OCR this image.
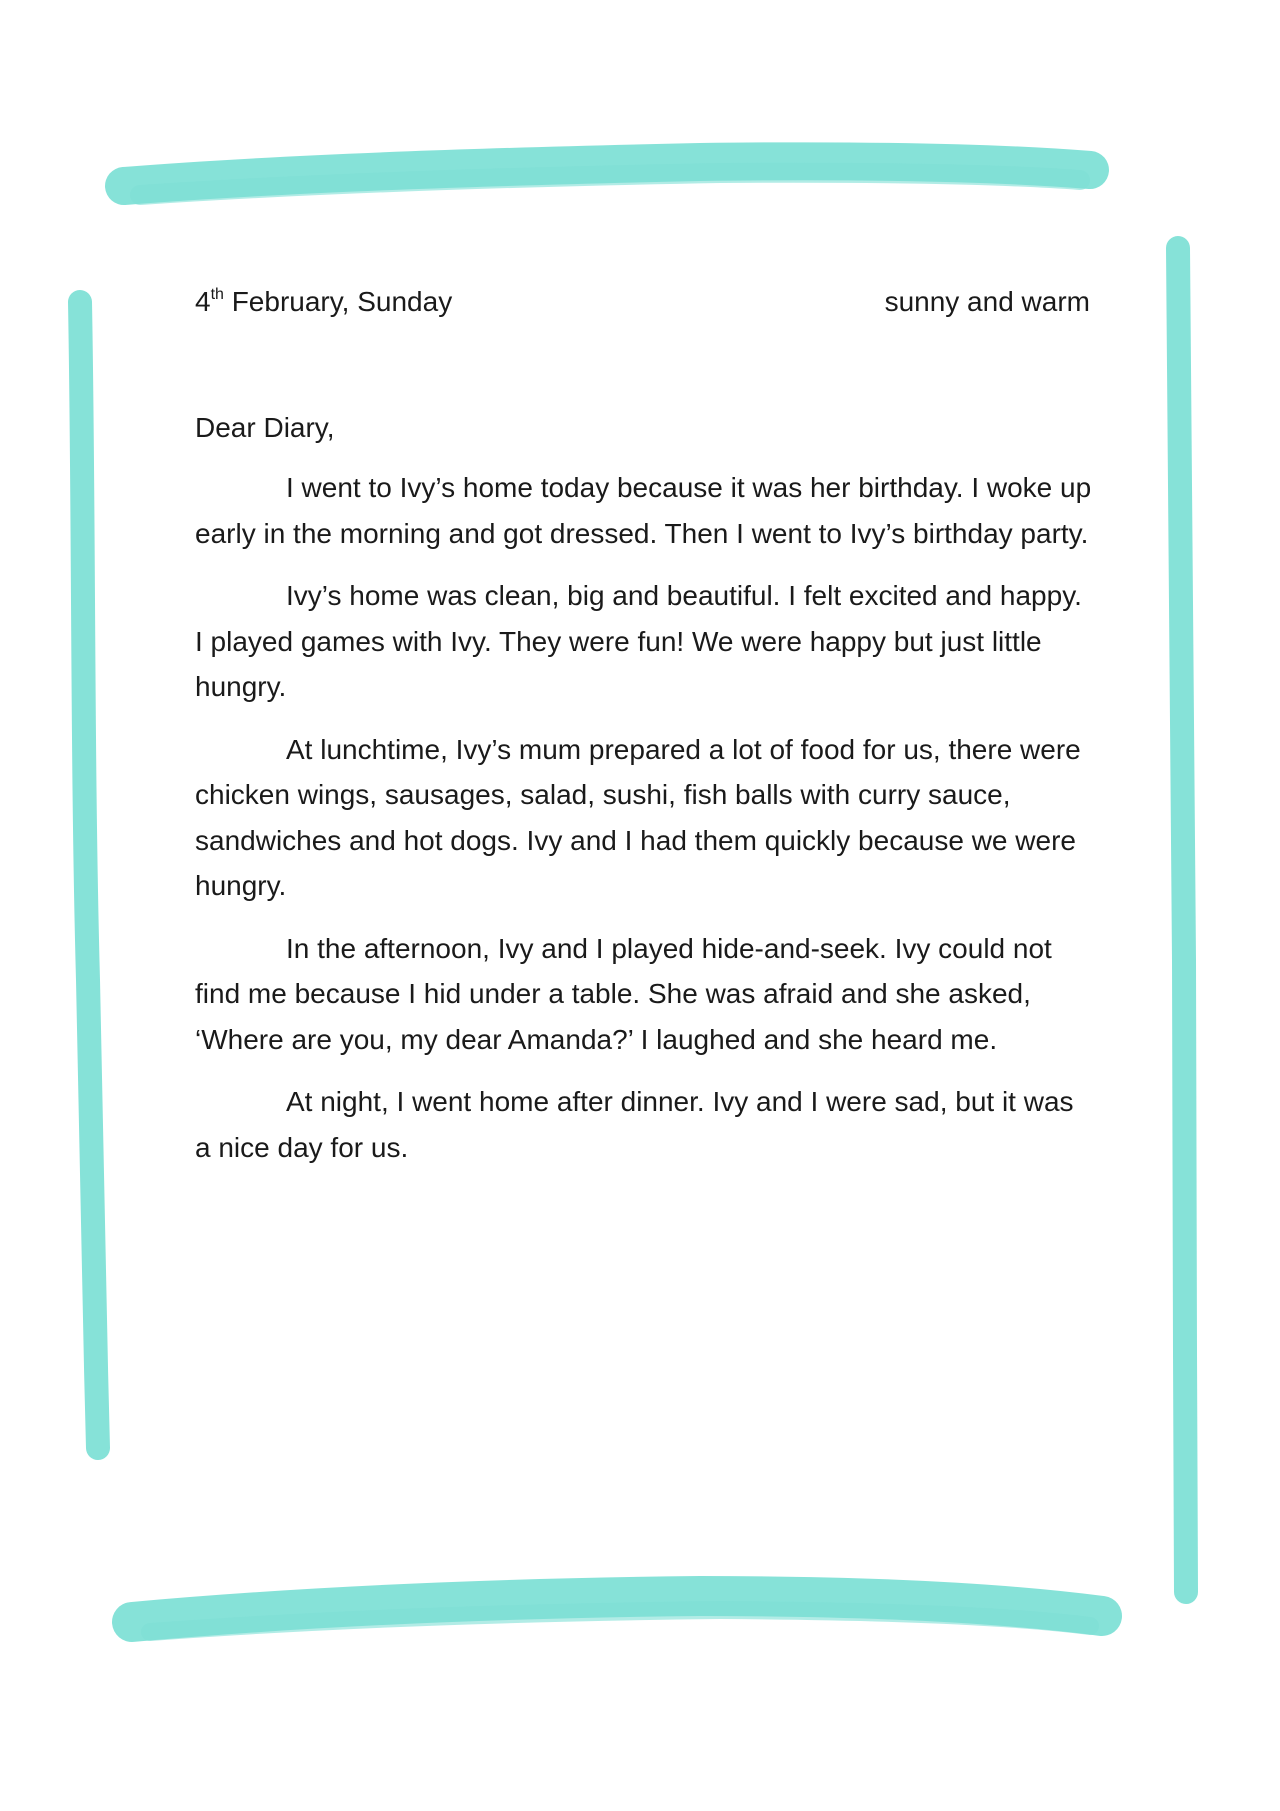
4th February, Sunday	sunny and warm

Dear Diary,

I went to Ivy’s home today because it was her birthday. I woke up early in the morning and got dressed. Then I went to Ivy’s birthday party.

Ivy’s home was clean, big and beautiful. I felt excited and happy. I played games with Ivy. They were fun! We were happy but just little hungry.

At lunchtime, Ivy’s mum prepared a lot of food for us, there were chicken wings, sausages, salad, sushi, fish balls with curry sauce, sandwiches and hot dogs. Ivy and I had them quickly because we were hungry.

In the afternoon, Ivy and I played hide-and-seek. Ivy could not find me because I hid under a table. She was afraid and she asked, ‘Where are you, my dear Amanda?’ I laughed and she heard me.

At night, I went home after dinner. Ivy and I were sad, but it was a nice day for us.
